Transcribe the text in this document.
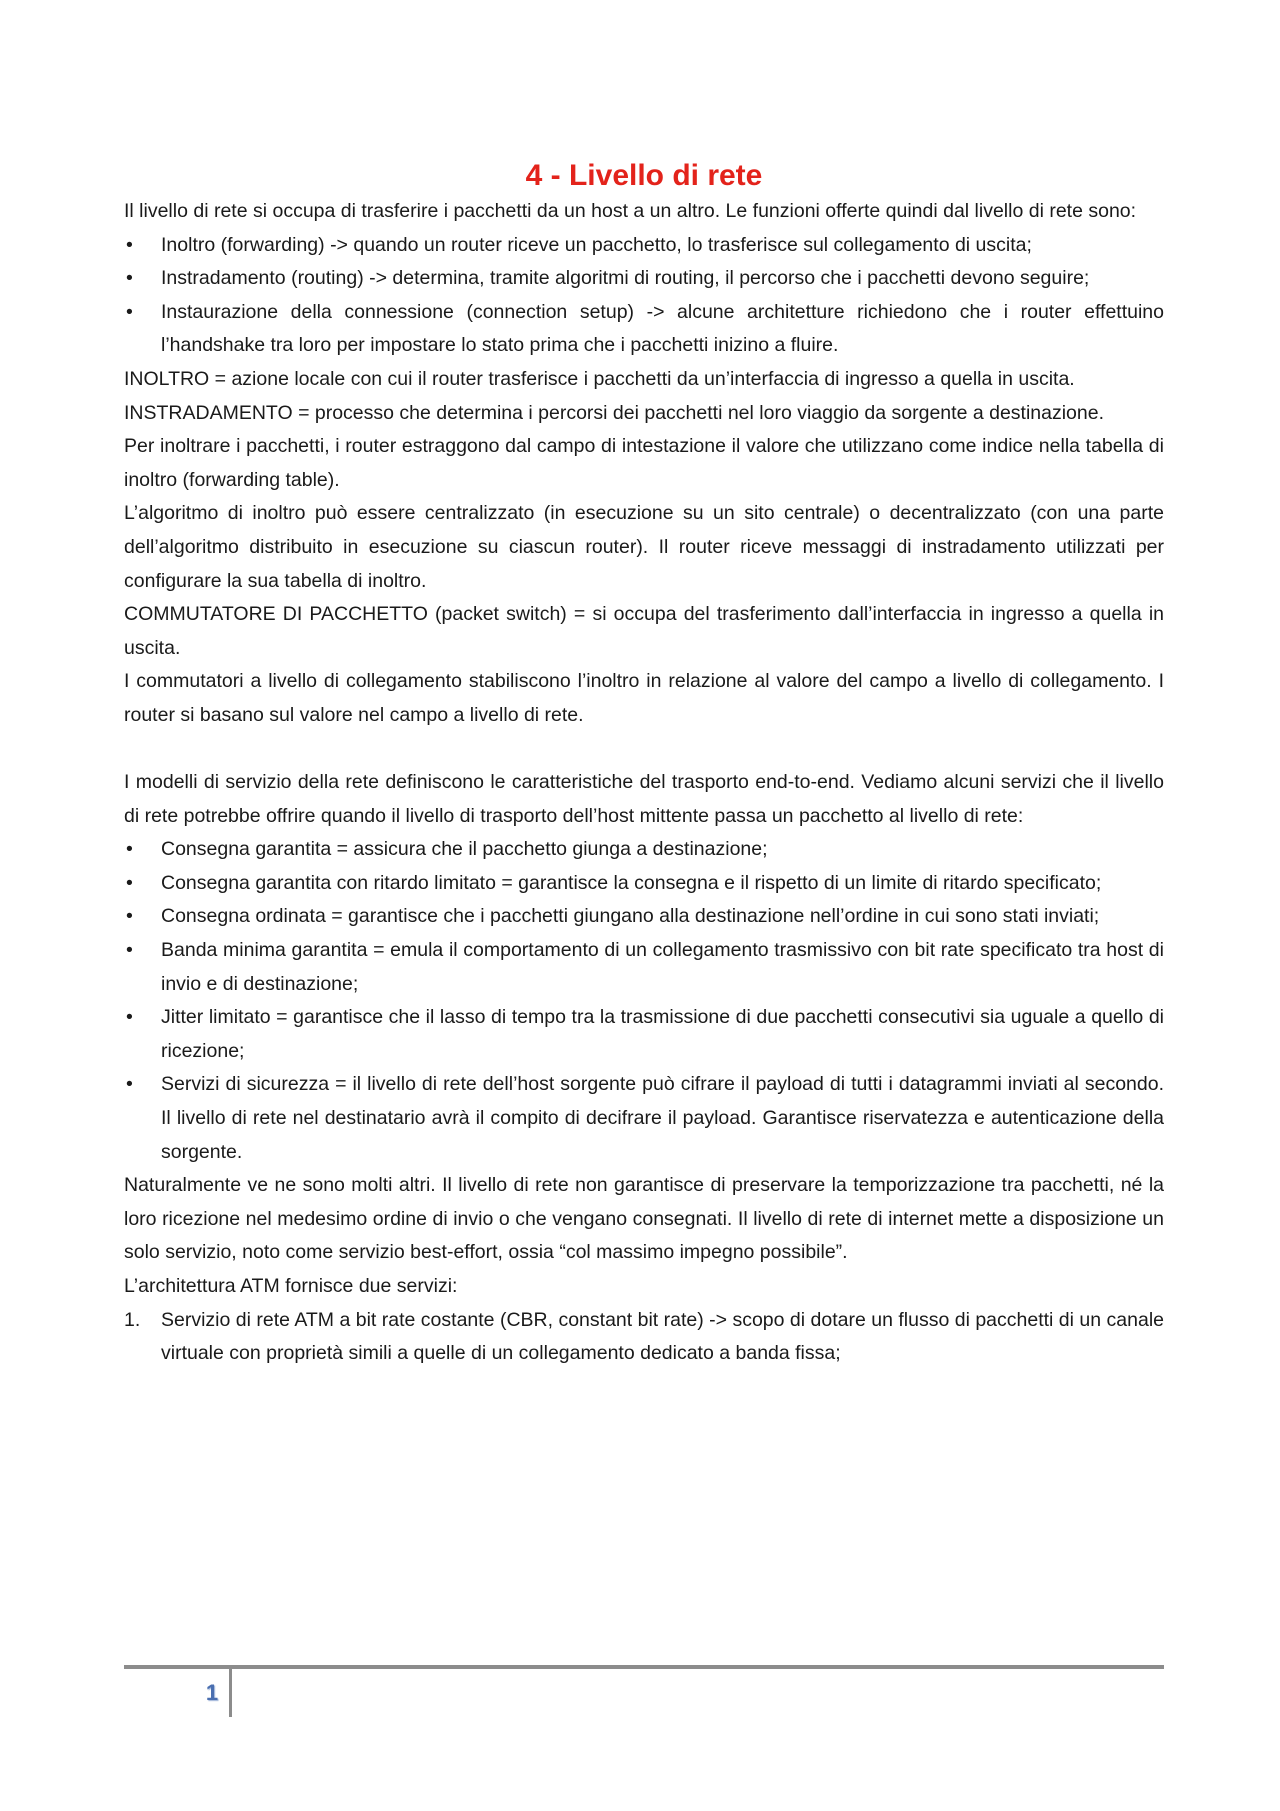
4 - Livello di rete

Il livello di rete si occupa di trasferire i pacchetti da un host a un altro. Le funzioni offerte quindi dal livello di rete sono:

•	Inoltro (forwarding) -> quando un router riceve un pacchetto, lo trasferisce sul collegamento di uscita;
•	Instradamento (routing) -> determina, tramite algoritmi di routing, il percorso che i pacchetti devono seguire;
•	Instaurazione della connessione (connection setup) -> alcune architetture richiedono che i router effettuino l’handshake tra loro per impostare lo stato prima che i pacchetti inizino a fluire.

INOLTRO = azione locale con cui il router trasferisce i pacchetti da un’interfaccia di ingresso a quella in uscita.

INSTRADAMENTO = processo che determina i percorsi dei pacchetti nel loro viaggio da sorgente a destinazione.

Per inoltrare i pacchetti, i router estraggono dal campo di intestazione il valore che utilizzano come indice nella tabella di inoltro (forwarding table).

L’algoritmo di inoltro può essere centralizzato (in esecuzione su un sito centrale) o decentralizzato (con una parte dell’algoritmo distribuito in esecuzione su ciascun router). Il router riceve messaggi di instradamento utilizzati per configurare la sua tabella di inoltro.

COMMUTATORE DI PACCHETTO (packet switch) = si occupa del trasferimento dall’interfaccia in ingresso a quella in uscita.

I commutatori a livello di collegamento stabiliscono l’inoltro in relazione al valore del campo a livello di collegamento. I router si basano sul valore nel campo a livello di rete.

I modelli di servizio della rete definiscono le caratteristiche del trasporto end-to-end. Vediamo alcuni servizi che il livello di rete potrebbe offrire quando il livello di trasporto dell’host mittente passa un pacchetto al livello di rete:

•	Consegna garantita = assicura che il pacchetto giunga a destinazione;
•	Consegna garantita con ritardo limitato = garantisce la consegna e il rispetto di un limite di ritardo specificato;
•	Consegna ordinata = garantisce che i pacchetti giungano alla destinazione nell’ordine in cui sono stati inviati;
•	Banda minima garantita = emula il comportamento di un collegamento trasmissivo con bit rate specificato tra host di invio e di destinazione;
•	Jitter limitato = garantisce che il lasso di tempo tra la trasmissione di due pacchetti consecutivi sia uguale a quello di ricezione;
•	Servizi di sicurezza = il livello di rete dell’host sorgente può cifrare il payload di tutti i datagrammi inviati al secondo. Il livello di rete nel destinatario avrà il compito di decifrare il payload. Garantisce riservatezza e autenticazione della sorgente.

Naturalmente ve ne sono molti altri. Il livello di rete non garantisce di preservare la temporizzazione tra pacchetti, né la loro ricezione nel medesimo ordine di invio o che vengano consegnati. Il livello di rete di internet mette a disposizione un solo servizio, noto come servizio best-effort, ossia “col massimo impegno possibile”.

L’architettura ATM fornisce due servizi:

1.	Servizio di rete ATM a bit rate costante (CBR, constant bit rate) -> scopo di dotare un flusso di pacchetti di un canale virtuale con proprietà simili a quelle di un collegamento dedicato a banda fissa;
1
